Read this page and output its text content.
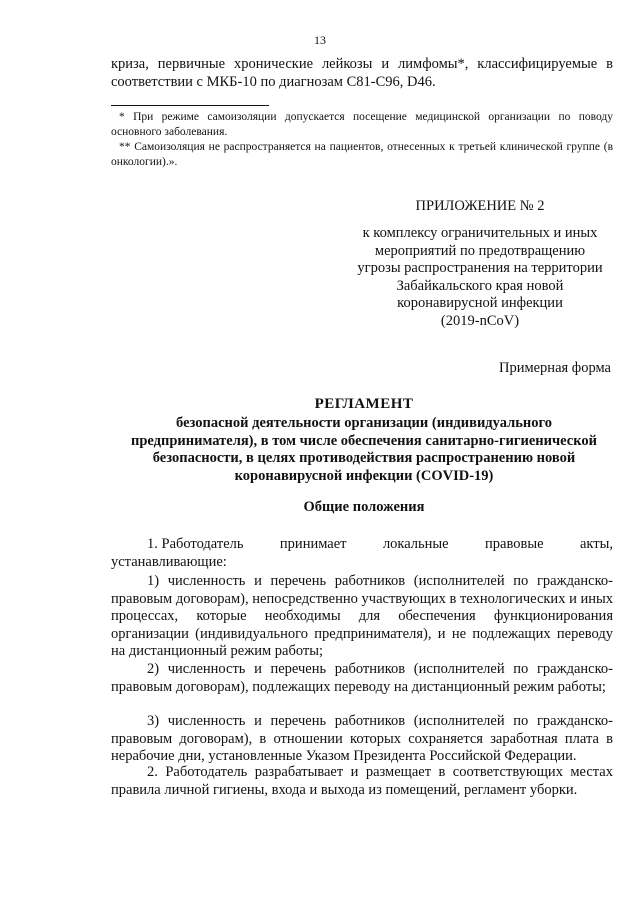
13
криза, первичные хронические лейкозы и лимфомы*, классифицируемые в соответствии с МКБ-10 по диагнозам С81-С96, D46.
* При режиме самоизоляции допускается посещение медицинской организации по поводу основного заболевания.
** Самоизоляция не распространяется на пациентов, отнесенных к третьей клинической группе (в онкологии).».
ПРИЛОЖЕНИЕ № 2
к комплексу ограничительных и иных
мероприятий по предотвращению
угрозы распространения на территории
Забайкальского края новой
коронавирусной инфекции
(2019-nCoV)
Примерная форма
РЕГЛАМЕНТ
безопасной деятельности организации (индивидуального
предпринимателя), в том числе обеспечения санитарно-гигиенической
безопасности, в целях противодействия распространению новой
коронавирусной инфекции (COVID-19)
Общие положения
1. Работодатель	принимает	локальные	правовые	акты,
устанавливающие:
1) численность и перечень работников (исполнителей по гражданско-правовым договорам), непосредственно участвующих в технологических и иных процессах, которые необходимы для обеспечения функционирования организации (индивидуального предпринимателя), и не подлежащих переводу на дистанционный режим работы;
2) численность и перечень работников (исполнителей по гражданско-правовым договорам), подлежащих переводу на дистанционный режим работы;
3) численность и перечень работников (исполнителей по гражданско-правовым договорам), в отношении которых сохраняется заработная плата в нерабочие дни, установленные Указом Президента Российской Федерации.
2. Работодатель разрабатывает и размещает в соответствующих местах правила личной гигиены, входа и выхода из помещений, регламент уборки.
